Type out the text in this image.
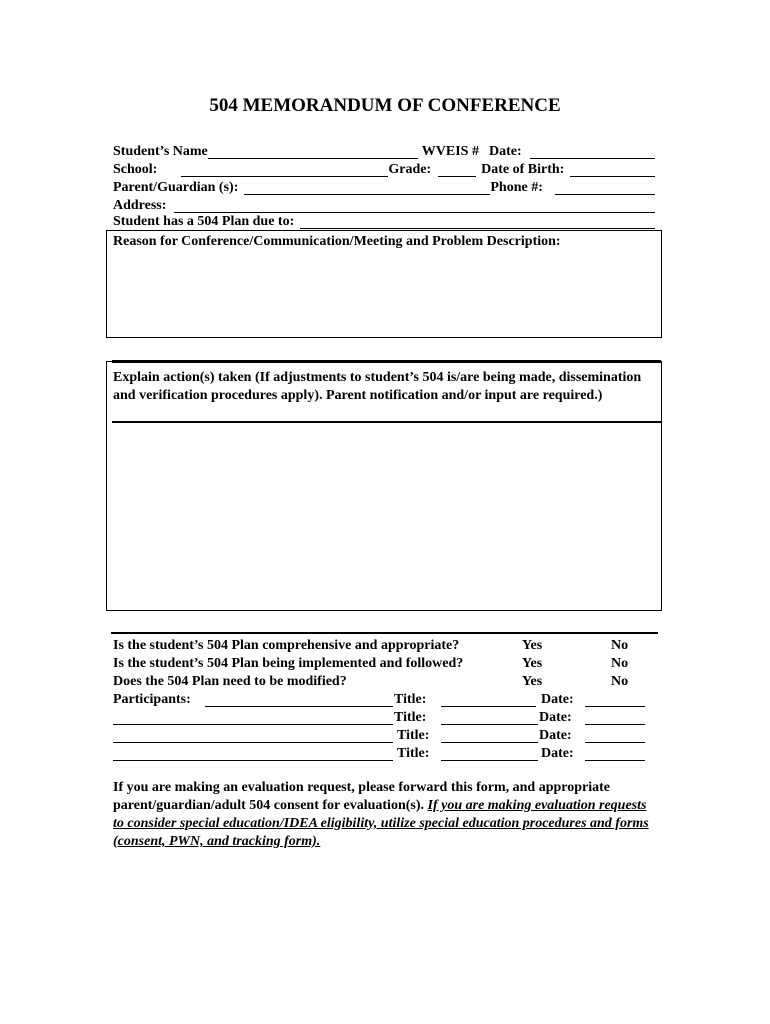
504 MEMORANDUM OF CONFERENCE
Student’s Name	WVEIS # Date:
School:	Grade:	Date of Birth:
Parent/Guardian (s):	Phone #:
Address:
Student has a 504 Plan due to:
Reason for Conference/Communication/Meeting and Problem Description:
Explain action(s) taken (If adjustments to student’s 504 is/are being made, dissemination and verification procedures apply). Parent notification and/or input are required.)
Is the student’s 504 Plan comprehensive and appropriate?	Yes	No
Is the student’s 504 Plan being implemented and followed?	Yes	No
Does the 504 Plan need to be modified?	Yes	No
Participants:	Title:	Date:
Title:	Date:
Title:	Date:
Title:	Date:
If you are making an evaluation request, please forward this form, and appropriate parent/guardian/adult 504 consent for evaluation(s). If you are making evaluation requests to consider special education/IDEA eligibility, utilize special education procedures and forms (consent, PWN, and tracking form).
